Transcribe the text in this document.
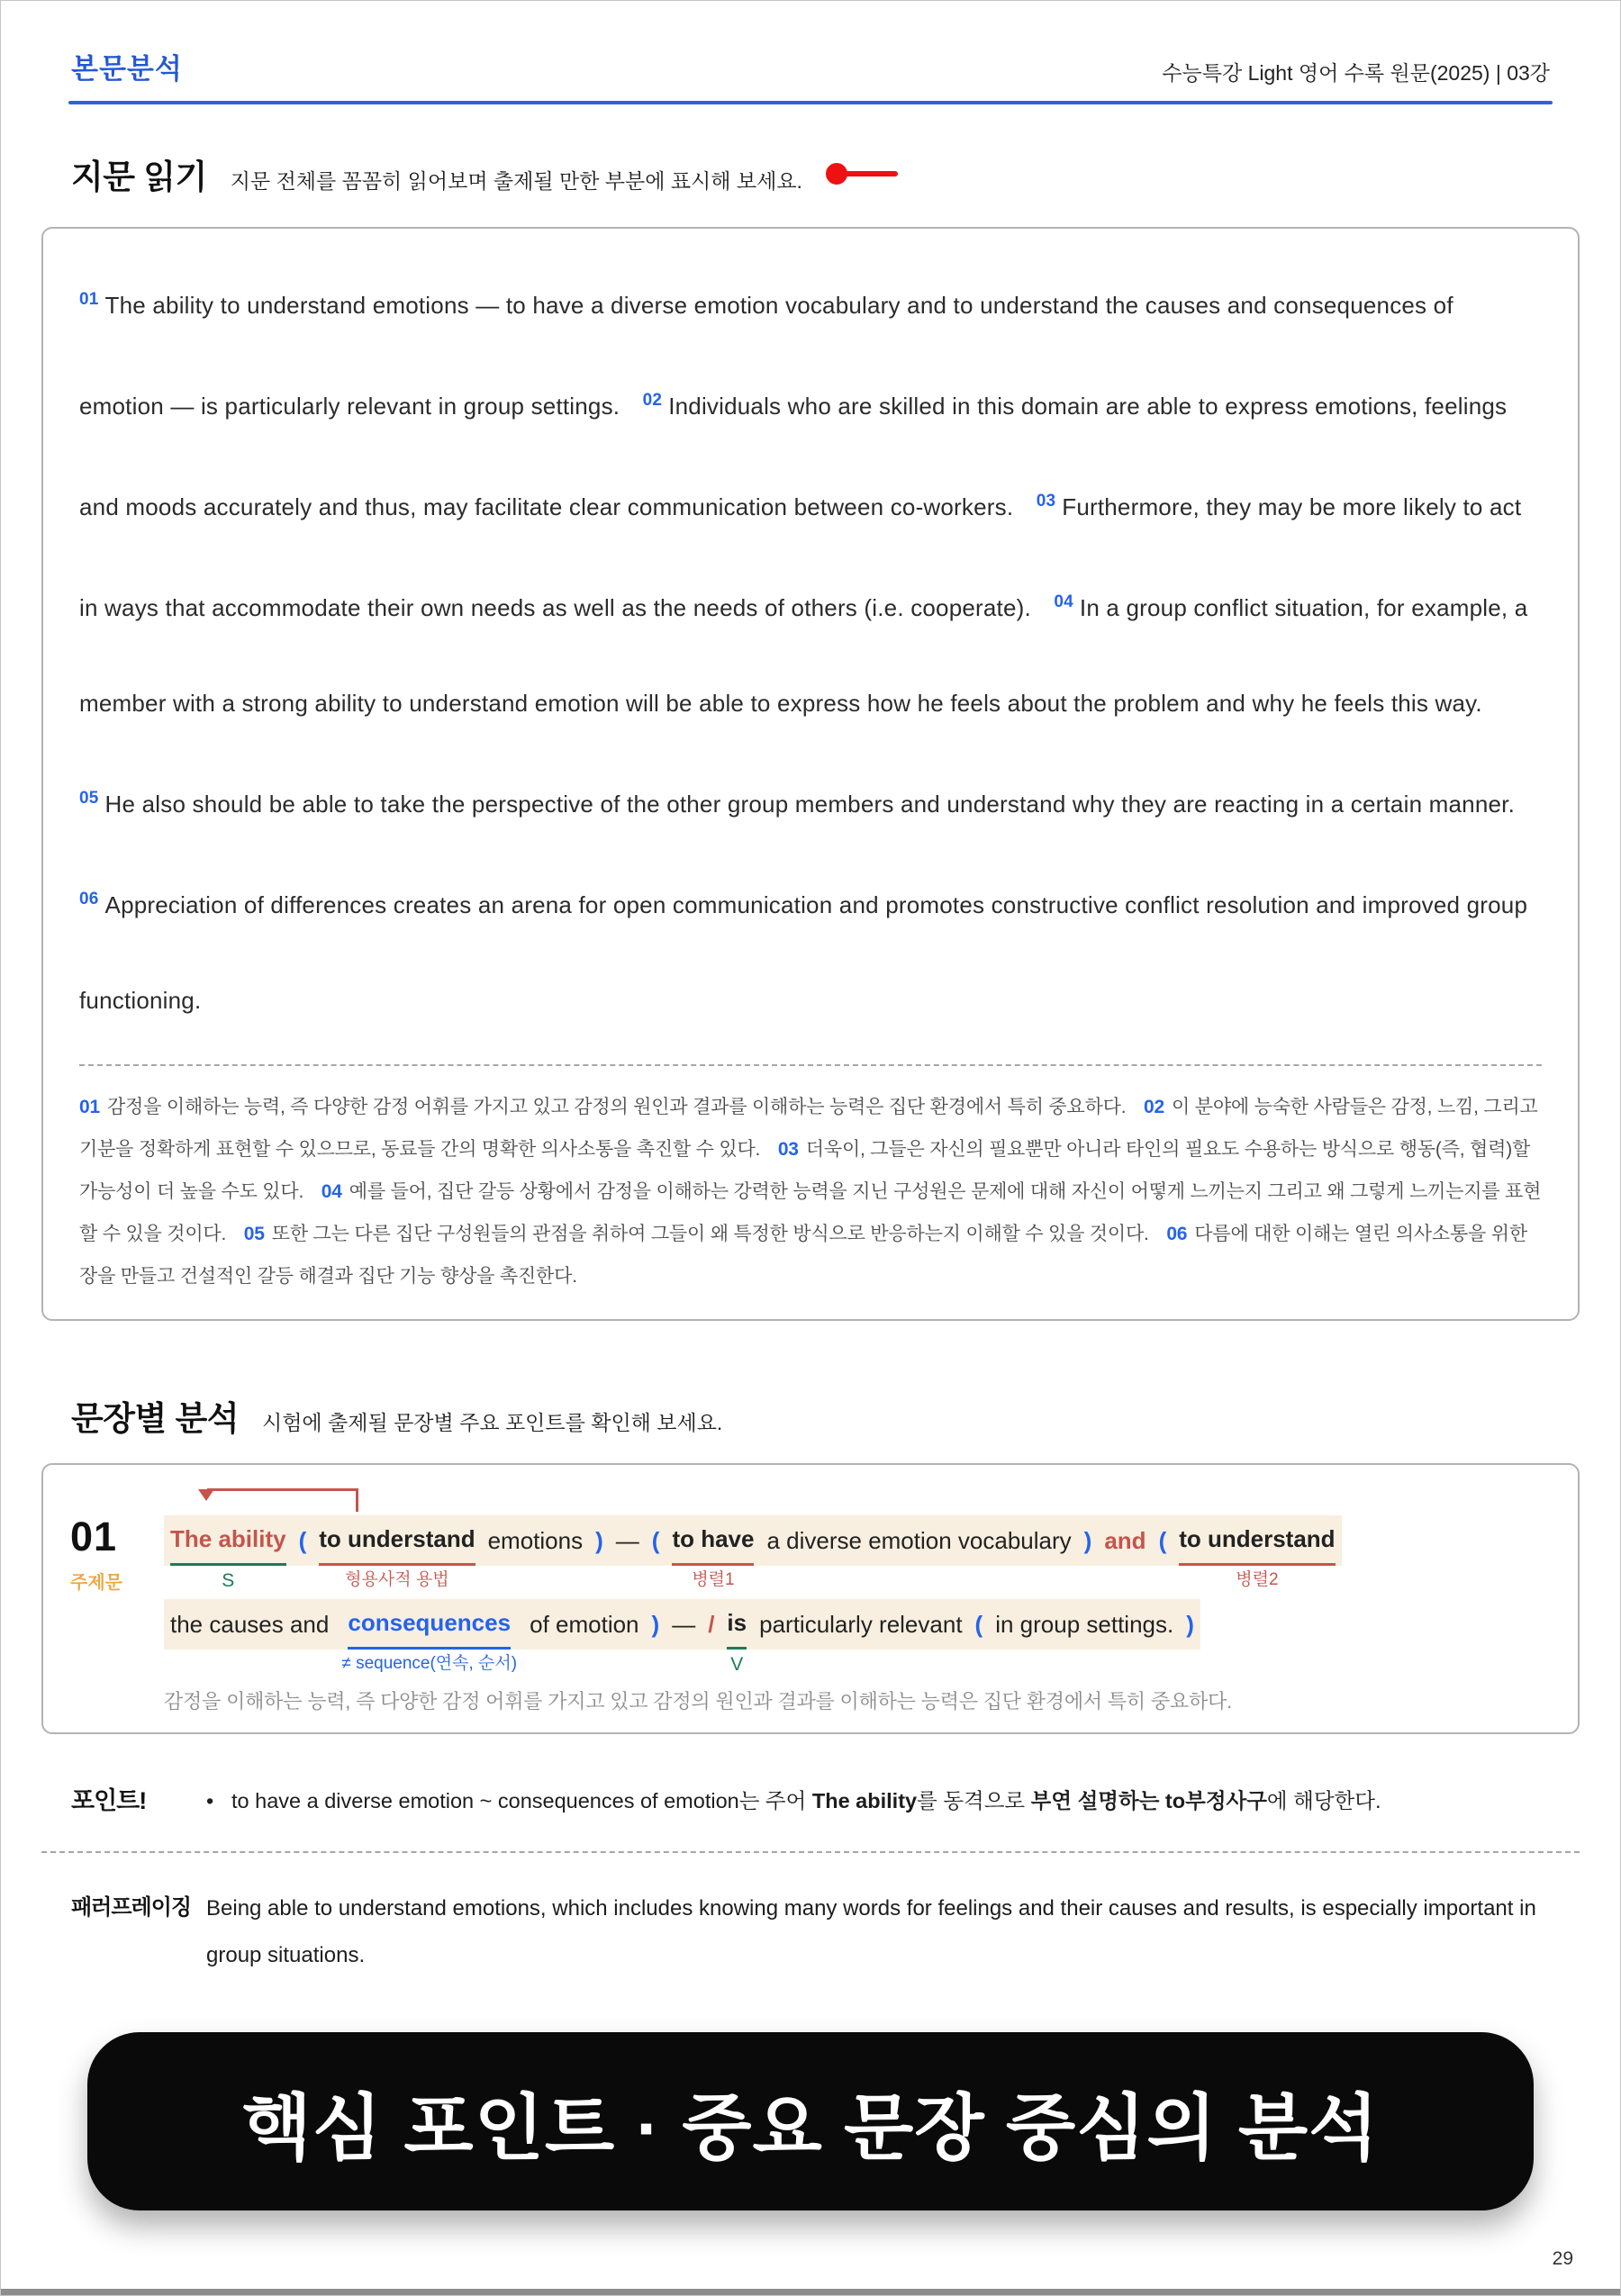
본문분석	수능특강 Light 영어 수록 원문(2025) | 03강
지문 읽기 지문 전체를 꼼꼼히 읽어보며 출제될 만한 부분에 표시해 보세요.

$^{01}$ The ability to understand emotions — to have a diverse emotion vocabulary and to understand the causes and consequences of emotion — is particularly relevant in group settings. $^{02}$ Individuals who are skilled in this domain are able to express emotions, feelings and moods accurately and thus, may facilitate clear communication between co-workers. $^{03}$ Furthermore, they may be more likely to act in ways that accommodate their own needs as well as the needs of others (i.e. cooperate). $^{04}$ In a group conflict situation, for example, a member with a strong ability to understand emotion will be able to express how he feels about the problem and why he feels this way. $^{05}$ He also should be able to take the perspective of the other group members and understand why they are reacting in a certain manner. $^{06}$ Appreciation of differences creates an arena for open communication and promotes constructive conflict resolution and improved group functioning.

01 감정을 이해하는 능력, 즉 다양한 감정 어휘를 가지고 있고 감정의 원인과 결과를 이해하는 능력은 집단 환경에서 특히 중요하다. 02 이 분야에 능숙한 사람들은 감정, 느낌, 그리고 기분을 정확하게 표현할 수 있으므로, 동료들 간의 명확한 의사소통을 촉진할 수 있다. 03 더욱이, 그들은 자신의 필요뿐만 아니라 타인의 필요도 수용하는 방식으로 행동(즉, 협력)할 가능성이 더 높을 수도 있다. 04 예를 들어, 집단 갈등 상황에서 감정을 이해하는 강력한 능력을 지닌 구성원은 문제에 대해 자신이 어떻게 느끼는지 그리고 왜 그렇게 느끼는지를 표현할 수 있을 것이다. 05 또한 그는 다른 집단 구성원들의 관점을 취하여 그들이 왜 특정한 방식으로 반응하는지 이해할 수 있을 것이다. 06 다름에 대한 이해는 열린 의사소통을 위한 장을 만들고 건설적인 갈등 해결과 집단 기능 향상을 촉진한다.

문장별 분석 시험에 출제될 문장별 주요 포인트를 확인해 보세요.
01
주제문
The ability
S
( to understand
형용사적 용법
emotions ) — ( to have
병렬1
a diverse emotion vocabulary ) and ( to understand
병렬2
the causes and consequences
≠ sequence(연속, 순서)
of emotion ) — / is
V
particularly relevant ( in group settings. )
감정을 이해하는 능력, 즉 다양한 감정 어휘를 가지고 있고 감정의 원인과 결과를 이해하는 능력은 집단 환경에서 특히 중요하다.
포인트!	• to have a diverse emotion ~ consequences of emotion는 주어 The ability를 동격으로 부연 설명하는 to부정사구에 해당한다.
패러프레이징 Being able to understand emotions, which includes knowing many words for feelings and their causes and results, is especially important in group situations.
핵심 포인트 · 중요 문장 중심의 분석
29
